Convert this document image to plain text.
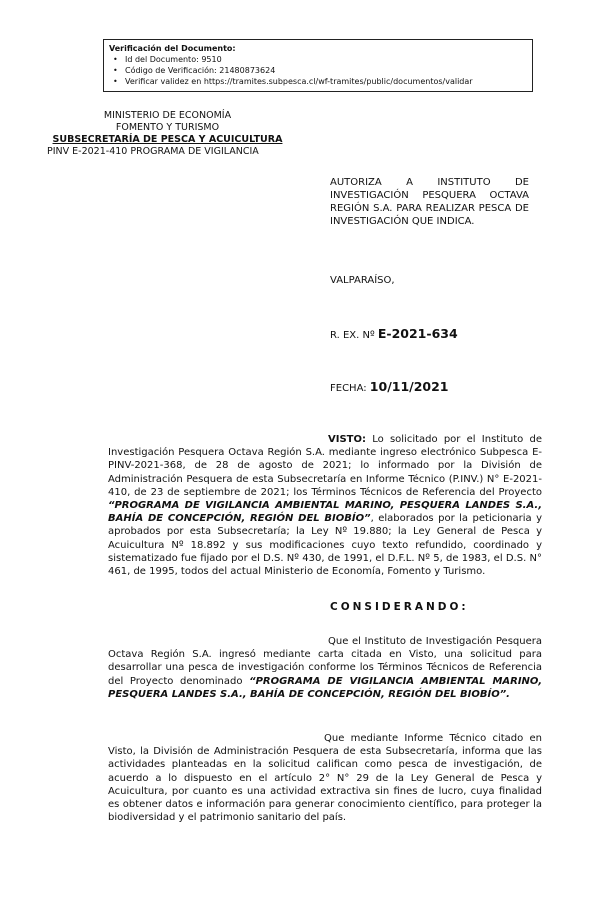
Verificación del Documento:
• Id del Documento: 9510
• Código de Verificación: 21480873624
• Verificar validez en https://tramites.subpesca.cl/wf-tramites/public/documentos/validar
MINISTERIO DE ECONOMÍA
FOMENTO Y TURISMO
SUBSECRETARÍA DE PESCA Y ACUICULTURA
PINV E-2021-410 PROGRAMA DE VIGILANCIA
AUTORIZA A INSTITUTO DE INVESTIGACIÓN PESQUERA OCTAVA REGIÓN S.A. PARA REALIZAR PESCA DE INVESTIGACIÓN QUE INDICA.
VALPARAÍSO,
R. EX. Nº E-2021-634
FECHA: 10/11/2021

VISTO: Lo solicitado por el Instituto de Investigación Pesquera Octava Región S.A. mediante ingreso electrónico Subpesca E-PINV-2021-368, de 28 de agosto de 2021; lo informado por la División de Administración Pesquera de esta Subsecretaría en Informe Técnico (P.INV.) N° E-2021-410, de 23 de septiembre de 2021; los Términos Técnicos de Referencia del Proyecto “PROGRAMA DE VIGILANCIA AMBIENTAL MARINO, PESQUERA LANDES S.A., BAHÍA DE CONCEPCIÓN, REGIÓN DEL BIOBÍO”, elaborados por la peticionaria y aprobados por esta Subsecretaría; la Ley Nº 19.880; la Ley General de Pesca y Acuicultura Nº 18.892 y sus modificaciones cuyo texto refundido, coordinado y sistematizado fue fijado por el D.S. Nº 430, de 1991, el D.F.L. Nº 5, de 1983, el D.S. N° 461, de 1995, todos del actual Ministerio de Economía, Fomento y Turismo.

CONSIDERANDO:

Que el Instituto de Investigación Pesquera Octava Región S.A. ingresó mediante carta citada en Visto, una solicitud para desarrollar una pesca de investigación conforme los Términos Técnicos de Referencia del Proyecto denominado “PROGRAMA DE VIGILANCIA AMBIENTAL MARINO, PESQUERA LANDES S.A., BAHÍA DE CONCEPCIÓN, REGIÓN DEL BIOBÍO”.

Que mediante Informe Técnico citado en Visto, la División de Administración Pesquera de esta Subsecretaría, informa que las actividades planteadas en la solicitud califican como pesca de investigación, de acuerdo a lo dispuesto en el artículo 2° N° 29 de la Ley General de Pesca y Acuicultura, por cuanto es una actividad extractiva sin fines de lucro, cuya finalidad es obtener datos e información para generar conocimiento científico, para proteger la biodiversidad y el patrimonio sanitario del país.
